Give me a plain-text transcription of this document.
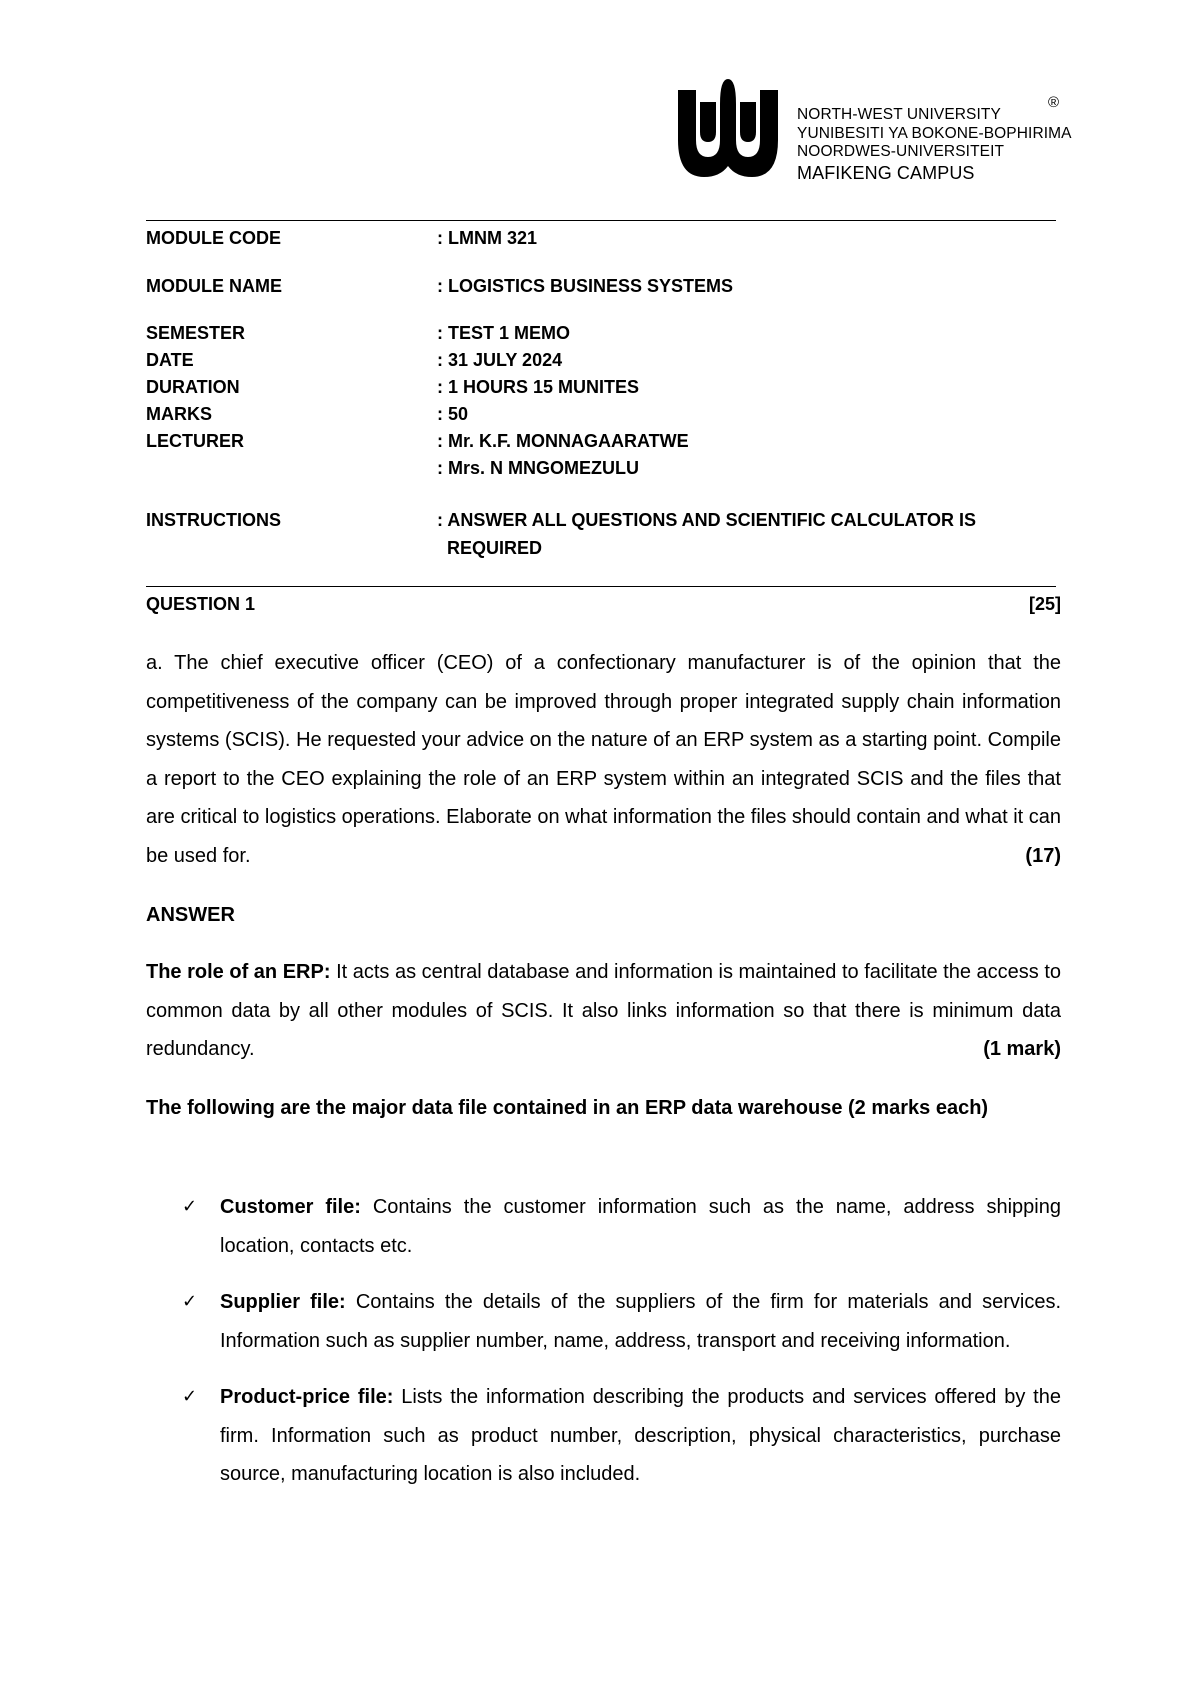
NORTH-WEST UNIVERSITY
YUNIBESITI YA BOKONE-BOPHIRIMA
NOORDWES-UNIVERSITEIT
MAFIKENG CAMPUS
®
MODULE CODE	: LMNM 321
MODULE NAME	: LOGISTICS BUSINESS SYSTEMS
SEMESTER	: TEST 1 MEMO
DATE	: 31 JULY 2024
DURATION	: 1 HOURS 15 MUNITES
MARKS	: 50
LECTURER	: Mr. K.F. MONNAGAARATWE
: Mrs. N MNGOMEZULU
INSTRUCTIONS	: ANSWER ALL QUESTIONS AND SCIENTIFIC CALCULATOR IS
REQUIRED
QUESTION 1	[25]
a. The chief executive officer (CEO) of a confectionary manufacturer is of the opinion that the competitiveness of the company can be improved through proper integrated supply chain information systems (SCIS). He requested your advice on the nature of an ERP system as a starting point. Compile a report to the CEO explaining the role of an ERP system within an integrated SCIS and the files that are critical to logistics operations. Elaborate on what information the files should contain and what it can be used for.	(17)
ANSWER
The role of an ERP: It acts as central database and information is maintained to facilitate the access to common data by all other modules of SCIS. It also links information so that there is minimum data redundancy.	(1 mark)
The following are the major data file contained in an ERP data warehouse (2 marks each)
✓ Customer file: Contains the customer information such as the name, address shipping location, contacts etc.
✓ Supplier file: Contains the details of the suppliers of the firm for materials and services. Information such as supplier number, name, address, transport and receiving information.
✓ Product-price file: Lists the information describing the products and services offered by the firm. Information such as product number, description, physical characteristics, purchase source, manufacturing location is also included.
